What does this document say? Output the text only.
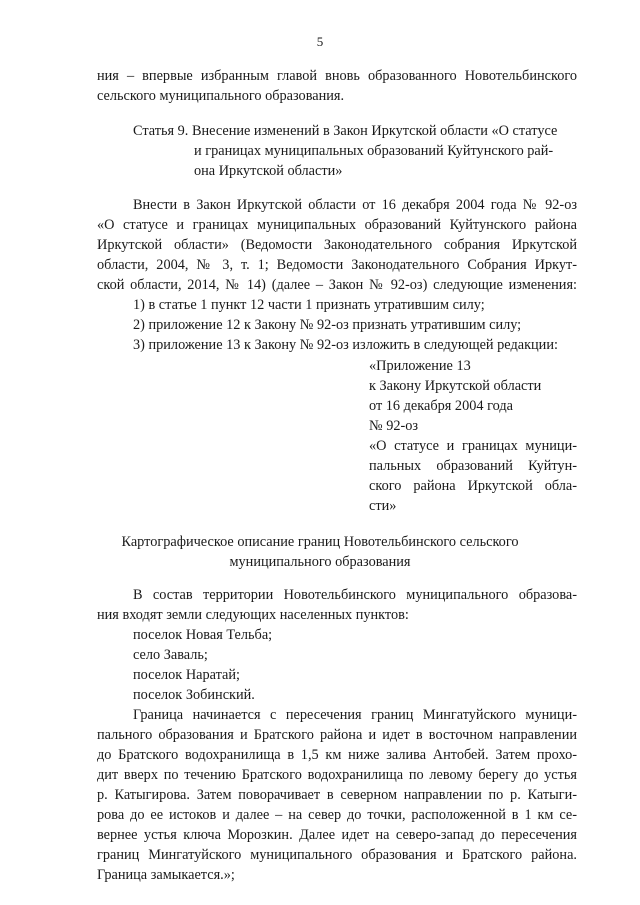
5
ния – впервые избранным главой вновь образованного Новотельбинского
сельского муниципального образования.
Статья 9. Внесение изменений в Закон Иркутской области «О статусе
и границах муниципальных образований Куйтунского рай-
она Иркутской области»
Внести в Закон Иркутской области от 16 декабря 2004 года № 92-оз
«О статусе и границах муниципальных образований Куйтунского района
Иркутской области» (Ведомости Законодательного собрания Иркутской
области, 2004, № 3, т. 1; Ведомости Законодательного Собрания Иркут-
ской области, 2014, № 14) (далее – Закон № 92-оз) следующие изменения:
1) в статье 1 пункт 12 части 1 признать утратившим силу;
2) приложение 12 к Закону № 92-оз признать утратившим силу;
3) приложение 13 к Закону № 92-оз изложить в следующей редакции:
«Приложение 13
к Закону Иркутской области
от 16 декабря 2004 года
№ 92-оз
«О статусе и границах муници-
пальных образований Куйтун-
ского района Иркутской обла-
сти»
Картографическое описание границ Новотельбинского сельского
муниципального образования
В состав территории Новотельбинского муниципального образова-
ния входят земли следующих населенных пунктов:
поселок Новая Тельба;
село Заваль;
поселок Наратай;
поселок Зобинский.
Граница начинается с пересечения границ Мингатуйского муници-
пального образования и Братского района и идет в восточном направлении
до Братского водохранилища в 1,5 км ниже залива Антобей. Затем прохо-
дит вверх по течению Братского водохранилища по левому берегу до устья
р. Катыгирова. Затем поворачивает в северном направлении по р. Катыги-
рова до ее истоков и далее – на север до точки, расположенной в 1 км се-
вернее устья ключа Морозкин. Далее идет на северо-запад до пересечения
границ Мингатуйского муниципального образования и Братского района.
Граница замыкается.»;
